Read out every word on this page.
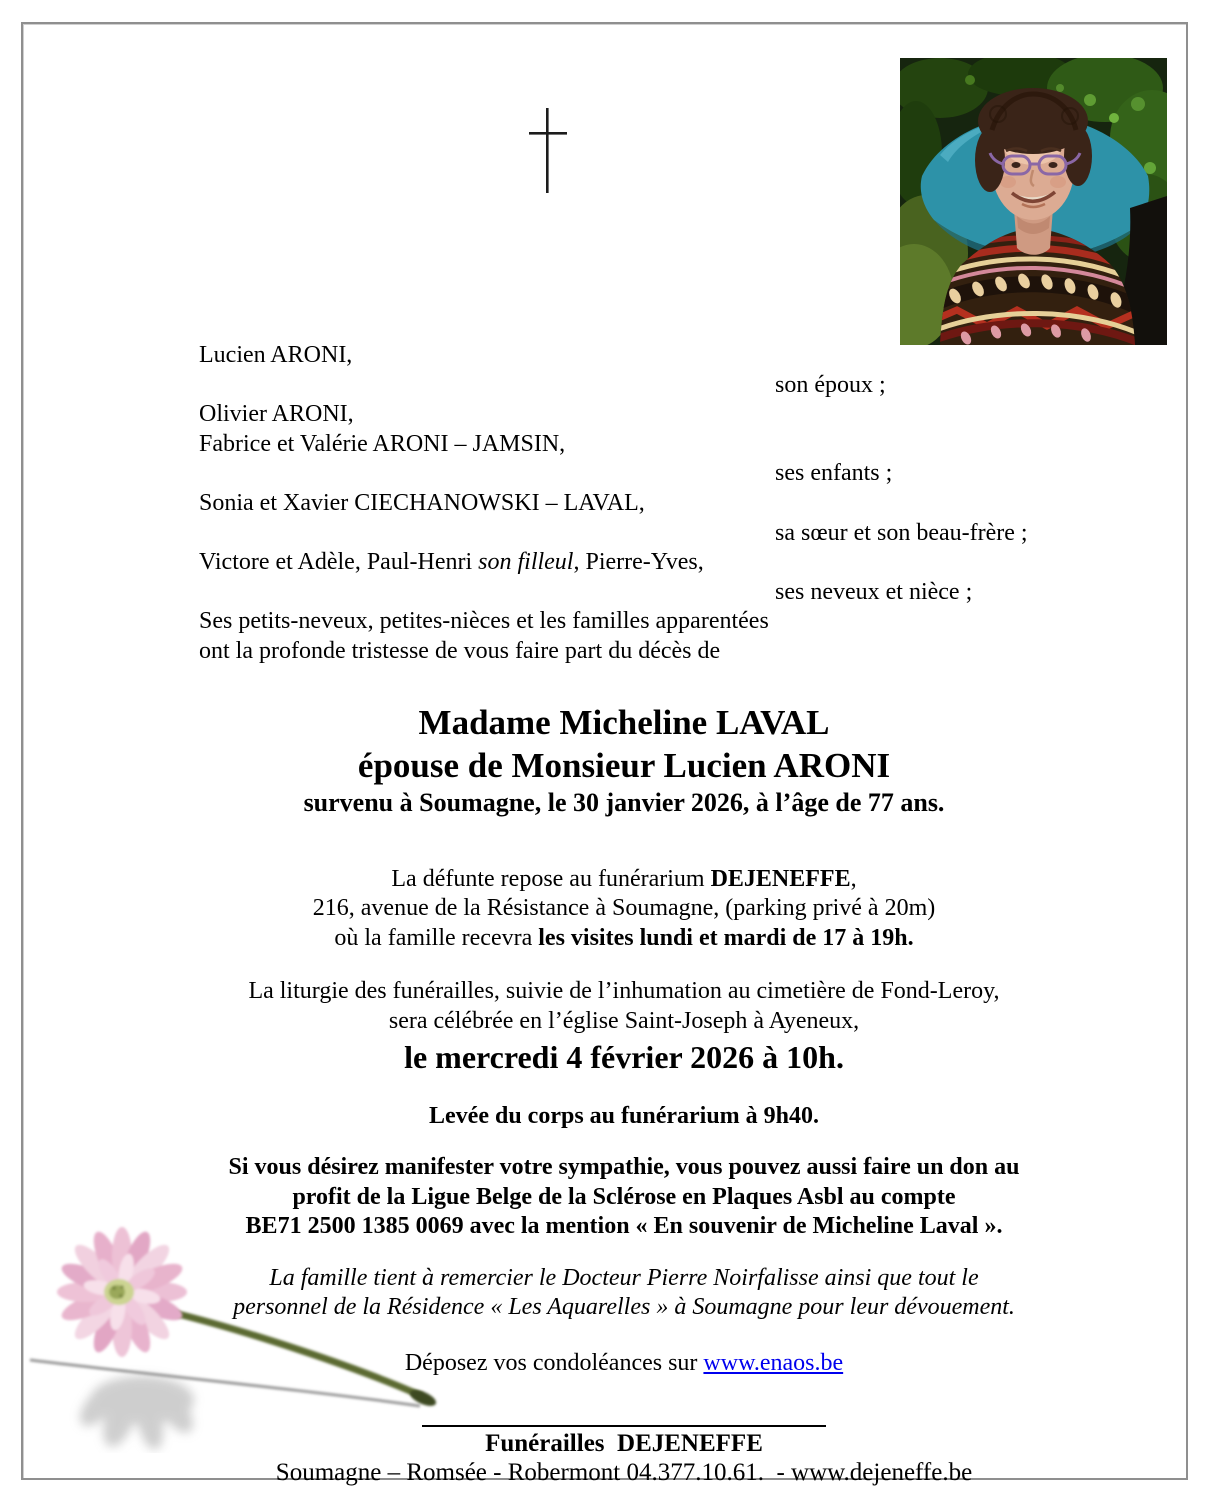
Lucien ARONI,
son époux ;
Olivier ARONI,
Fabrice et Valérie ARONI – JAMSIN,
ses enfants ;
Sonia et Xavier CIECHANOWSKI – LAVAL,
sa sœur et son beau-frère ;
Victore et Adèle, Paul-Henri son filleul, Pierre-Yves,
ses neveux et nièce ;
Ses petits-neveux, petites-nièces et les familles apparentées
ont la profonde tristesse de vous faire part du décès de
Madame Micheline LAVAL
épouse de Monsieur Lucien ARONI
survenu à Soumagne, le 30 janvier 2026, à l’âge de 77 ans.
La défunte repose au funérarium DEJENEFFE,
216, avenue de la Résistance à Soumagne, (parking privé à 20m)
où la famille recevra les visites lundi et mardi de 17 à 19h.
La liturgie des funérailles, suivie de l’inhumation au cimetière de Fond-Leroy,
sera célébrée en l’église Saint-Joseph à Ayeneux,
le mercredi 4 février 2026 à 10h.
Levée du corps au funérarium à 9h40.
Si vous désirez manifester votre sympathie, vous pouvez aussi faire un don au
profit de la Ligue Belge de la Sclérose en Plaques Asbl au compte
BE71 2500 1385 0069 avec la mention « En souvenir de Micheline Laval ».
La famille tient à remercier le Docteur Pierre Noirfalisse ainsi que tout le
personnel de la Résidence « Les Aquarelles » à Soumagne pour leur dévouement.
Déposez vos condoléances sur www.enaos.be
Funérailles  DEJENEFFE
Soumagne – Romsée - Robermont 04.377.10.61.  - www.dejeneffe.be
